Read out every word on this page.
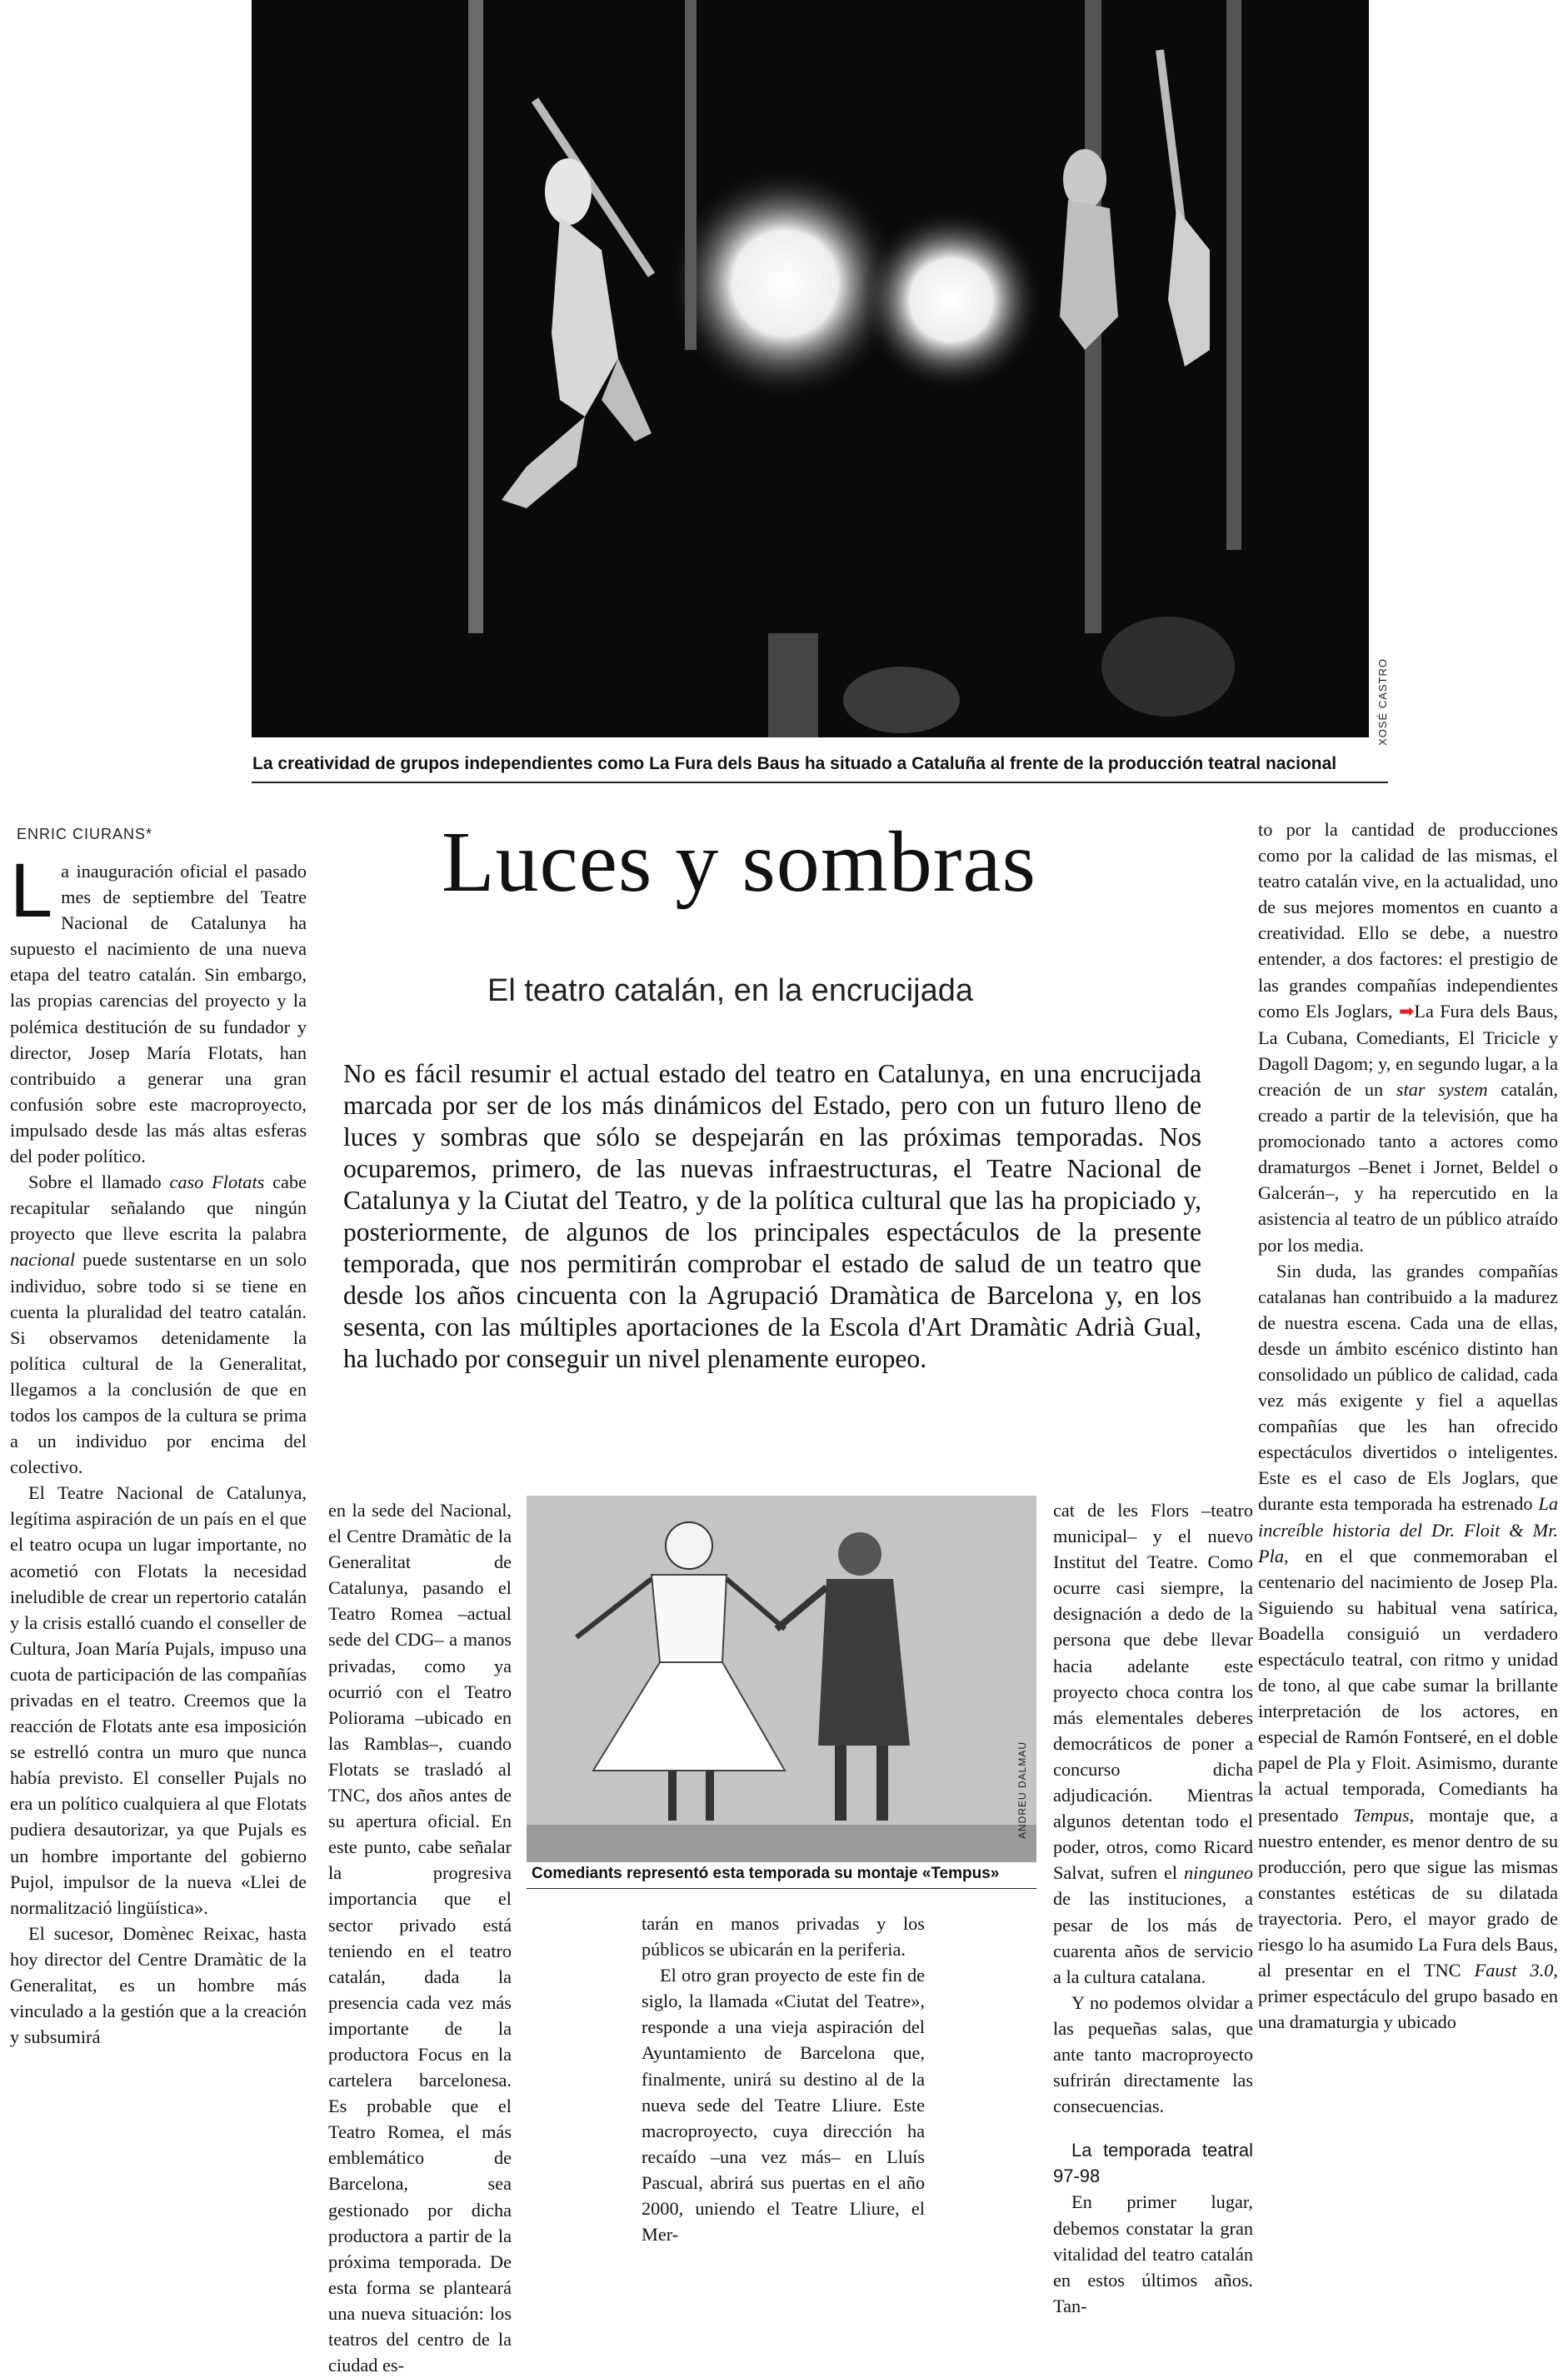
XOSÉ CASTRO
La creatividad de grupos independientes como La Fura dels Baus ha situado a Cataluña al frente de la producción teatral nacional
ENRIC CIURANS*	Luces y sombras
El teatro catalán, en la encrucijada
No es fácil resumir el actual estado del teatro en Catalunya, en una encrucijada marcada por ser de los más dinámicos del Estado, pero con un futuro lleno de luces y sombras que sólo se despejarán en las próximas temporadas. Nos ocuparemos, primero, de las nuevas infraestructuras, el Teatre Nacional de Catalunya y la Ciutat del Teatro, y de la política cultural que las ha propiciado y, posteriormente, de algunos de los principales espectáculos de la presente temporada, que nos permitirán comprobar el estado de salud de un teatro que desde los años cincuenta con la Agrupació Dramàtica de Barcelona y, en los sesenta, con las múltiples aportaciones de la Escola d'Art Dramàtic Adrià Gual, ha luchado por conseguir un nivel plenamente europeo.

La inauguración oficial el pasado mes de septiembre del Teatre Nacional de Catalunya ha supuesto el nacimiento de una nueva etapa del teatro catalán. Sin embargo, las propias carencias del proyecto y la polémica destitución de su fundador y director, Josep María Flotats, han contribuido a generar una gran confusión sobre este macroproyecto, impulsado desde las más altas esferas del poder político.

Sobre el llamado caso Flotats cabe recapitular señalando que ningún proyecto que lleve escrita la palabra nacional puede sustentarse en un solo individuo, sobre todo si se tiene en cuenta la pluralidad del teatro catalán. Si observamos detenidamente la política cultural de la Generalitat, llegamos a la conclusión de que en todos los campos de la cultura se prima a un individuo por encima del colectivo.

El Teatre Nacional de Catalunya, legítima aspiración de un país en el que el teatro ocupa un lugar importante, no acometió con Flotats la necesidad ineludible de crear un repertorio catalán y la crisis estalló cuando el conseller de Cultura, Joan María Pujals, impuso una cuota de participación de las compañías privadas en el teatro. Creemos que la reacción de Flotats ante esa imposición se estrelló contra un muro que nunca había previsto. El conseller Pujals no era un político cualquiera al que Flotats pudiera desautorizar, ya que Pujals es un hombre importante del gobierno Pujol, impulsor de la nueva «Llei de normalització lingüística».

El sucesor, Domènec Reixac, hasta hoy director del Centre Dramàtic de la Generalitat, es un hombre más vinculado a la gestión que a la creación y subsumirá

ANDREU DALMAU
Comediants representó esta temporada su montaje «Tempus»

en la sede del Nacional, el Centre Dramàtic de la Generalitat de Catalunya, pasando el Teatro Romea –actual sede del CDG– a manos privadas, como ya ocurrió con el Teatro Poliorama –ubicado en las Ramblas–, cuando Flotats se trasladó al TNC, dos años antes de su apertura oficial. En este punto, cabe señalar la progresiva importancia que el sector privado está teniendo en el teatro catalán, dada la presencia cada vez más importante de la productora Focus en la cartelera barcelonesa. Es probable que el Teatro Romea, el más emblemático de Barcelona, sea gestionado por dicha productora a partir de la próxima temporada. De esta forma se planteará una nueva situación: los teatros del centro de la ciudad es-

tarán en manos privadas y los públicos se ubicarán en la periferia.

El otro gran proyecto de este fin de siglo, la llamada «Ciutat del Teatre», responde a una vieja aspiración del Ayuntamiento de Barcelona que, finalmente, unirá su destino al de la nueva sede del Teatre Lliure. Este macroproyecto, cuya dirección ha recaído –una vez más– en Lluís Pascual, abrirá sus puertas en el año 2000, uniendo el Teatre Lliure, el Mer-

cat de les Flors –teatro municipal– y el nuevo Institut del Teatre. Como ocurre casi siempre, la designación a dedo de la persona que debe llevar hacia adelante este proyecto choca contra los más elementales deberes democráticos de poner a concurso dicha adjudicación. Mientras algunos detentan todo el poder, otros, como Ricard Salvat, sufren el ninguneo de las instituciones, a pesar de los más de cuarenta años de servicio a la cultura catalana.

Y no podemos olvidar a las pequeñas salas, que ante tanto macroproyecto sufrirán directamente las consecuencias.

La temporada teatral 97-98

En primer lugar, debemos constatar la gran vitalidad del teatro catalán en estos últimos años. Tan-

to por la cantidad de producciones como por la calidad de las mismas, el teatro catalán vive, en la actualidad, uno de sus mejores momentos en cuanto a creatividad. Ello se debe, a nuestro entender, a dos factores: el prestigio de las grandes compañías independientes como Els Joglars, ➡La Fura dels Baus, La Cubana, Comediants, El Tricicle y Dagoll Dagom; y, en segundo lugar, a la creación de un star system catalán, creado a partir de la televisión, que ha promocionado tanto a actores como dramaturgos –Benet i Jornet, Beldel o Galcerán–, y ha repercutido en la asistencia al teatro de un público atraído por los media.

Sin duda, las grandes compañías catalanas han contribuido a la madurez de nuestra escena. Cada una de ellas, desde un ámbito escénico distinto han consolidado un público de calidad, cada vez más exigente y fiel a aquellas compañías que les han ofrecido espectáculos divertidos o inteligentes. Este es el caso de Els Joglars, que durante esta temporada ha estrenado La increíble historia del Dr. Floit & Mr. Pla, en el que conmemoraban el centenario del nacimiento de Josep Pla. Siguiendo su habitual vena satírica, Boadella consiguió un verdadero espectáculo teatral, con ritmo y unidad de tono, al que cabe sumar la brillante interpretación de los actores, en especial de Ramón Fontseré, en el doble papel de Pla y Floit. Asimismo, durante la actual temporada, Comediants ha presentado Tempus, montaje que, a nuestro entender, es menor dentro de su producción, pero que sigue las mismas constantes estéticas de su dilatada trayectoria. Pero, el mayor grado de riesgo lo ha asumido La Fura dels Baus, al presentar en el TNC Faust 3.0, primer espectáculo del grupo basado en una dramaturgia y ubicado
